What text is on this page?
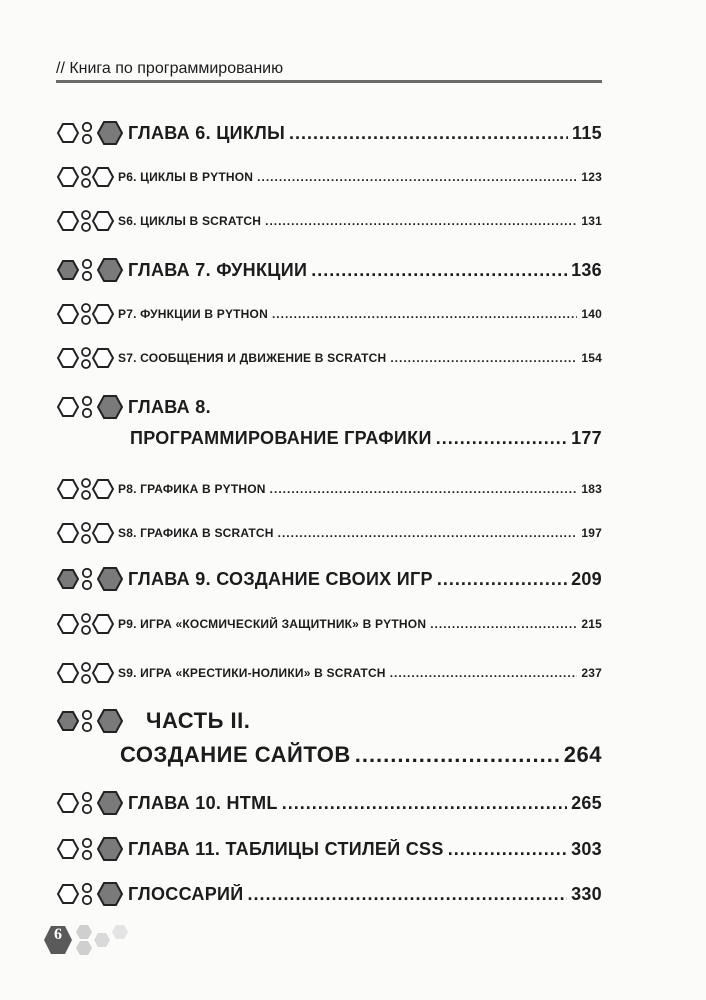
// Книга по программированию
ГЛАВА 6. ЦИКЛЫ .....	115
P6. ЦИКЛЫ В PYTHON .....	123
S6. ЦИКЛЫ В SCRATCH .....	131
ГЛАВА 7. ФУНКЦИИ .....	136
P7. ФУНКЦИИ В PYTHON .....	140
S7. СООБЩЕНИЯ И ДВИЖЕНИЕ В SCRATCH .....	154
ГЛАВА 8.
ПРОГРАММИРОВАНИЕ ГРАФИКИ .....	177
P8. ГРАФИКА В PYTHON .....	183
S8. ГРАФИКА В SCRATCH .....	197
ГЛАВА 9. СОЗДАНИЕ СВОИХ ИГР .....	209
P9. ИГРА «КОСМИЧЕСКИЙ ЗАЩИТНИК» В PYTHON .....	215
S9. ИГРА «КРЕСТИКИ-НОЛИКИ» В SCRATCH .....	237
ЧАСТЬ II.
СОЗДАНИЕ САЙТОВ .....	264
ГЛАВА 10. HTML .....	265
ГЛАВА 11. ТАБЛИЦЫ СТИЛЕЙ CSS .....	303
ГЛОССАРИЙ .....	330
6
